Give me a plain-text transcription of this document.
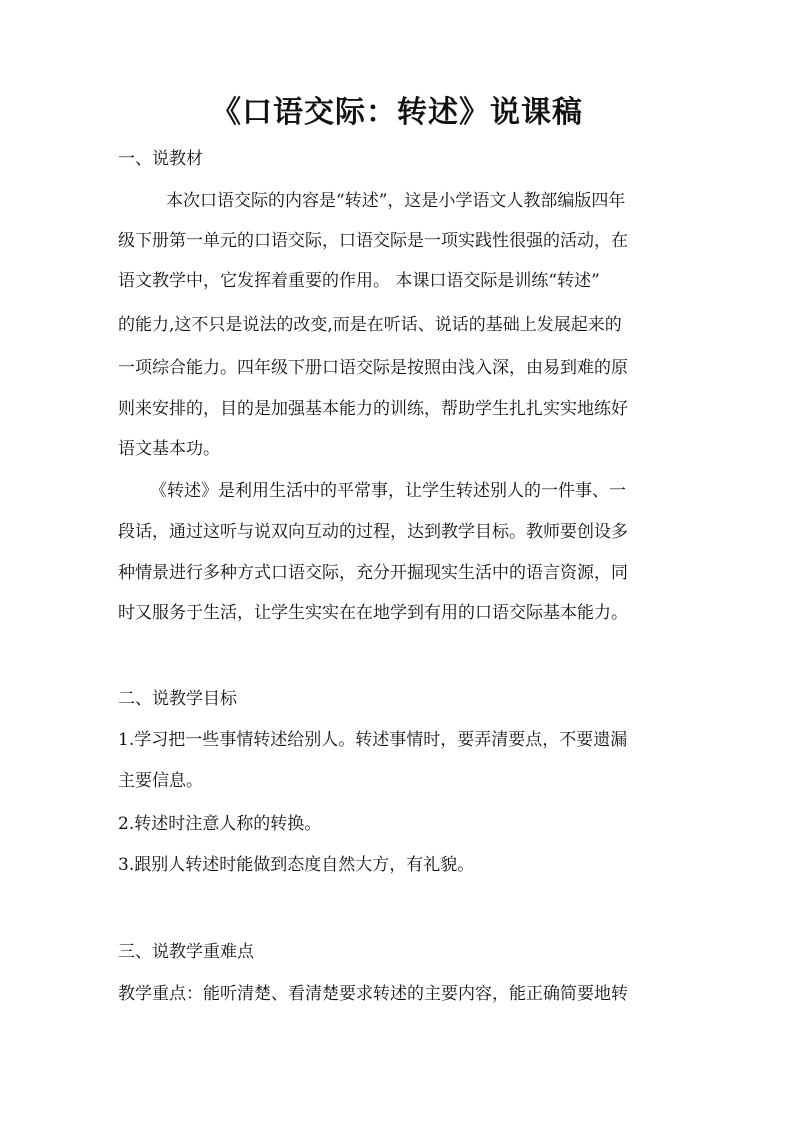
《口语交际：转述》说课稿
一、说教材
本次口语交际的内容是“转述”，这是小学语文人教部编版四年
级下册第一单元的口语交际，口语交际是一项实践性很强的活动，在
语文教学中，它发挥着重要的作用。 本课口语交际是训练“转述”
的能力,这不只是说法的改变,而是在听话、说话的基础上发展起来的
一项综合能力。四年级下册口语交际是按照由浅入深，由易到难的原
则来安排的，目的是加强基本能力的训练，帮助学生扎扎实实地练好
语文基本功。
《转述》是利用生活中的平常事，让学生转述别人的一件事、一
段话，通过这听与说双向互动的过程，达到教学目标。教师要创设多
种情景进行多种方式口语交际，充分开掘现实生活中的语言资源，同
时又服务于生活，让学生实实在在地学到有用的口语交际基本能力。
二、说教学目标
1.学习把一些事情转述给别人。转述事情时，要弄清要点，不要遗漏
主要信息。
2.转述时注意人称的转换。
3.跟别人转述时能做到态度自然大方，有礼貌。
三、说教学重难点
教学重点：能听清楚、看清楚要求转述的主要内容，能正确简要地转
